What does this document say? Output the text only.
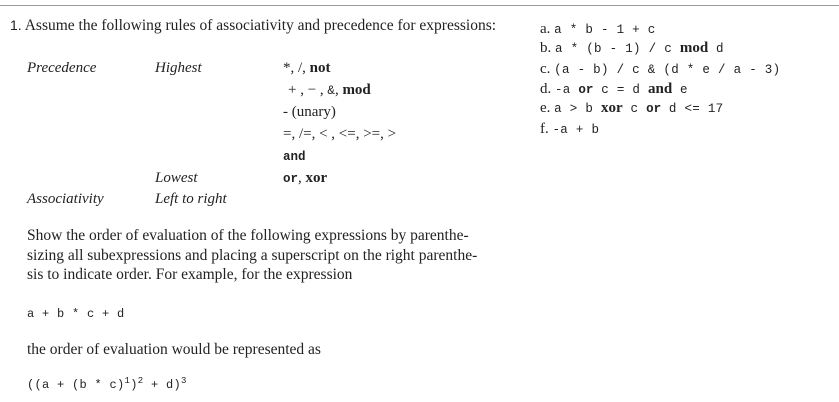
1. Assume the following rules of associativity and precedence for expressions:
Precedence	Highest	*, /, not
+ , − , &, mod
- (unary)
=, /=, < , <=, >=, >
and
Lowest	or, xor
Associativity	Left to right
Show the order of evaluation of the following expressions by parenthe-
sizing all subexpressions and placing a superscript on the right parenthe-
sis to indicate order. For example, for the expression
a + b * c + d
the order of evaluation would be represented as
$((a + (b * c)^1)^2 + d)^3$
a. a * b - 1 + c
b. a * (b - 1) / c mod d
c. (a - b) / c & (d * e / a - 3)
d. -a or c = d and e
e. a > b xor c or d <= 17
f. -a + b
